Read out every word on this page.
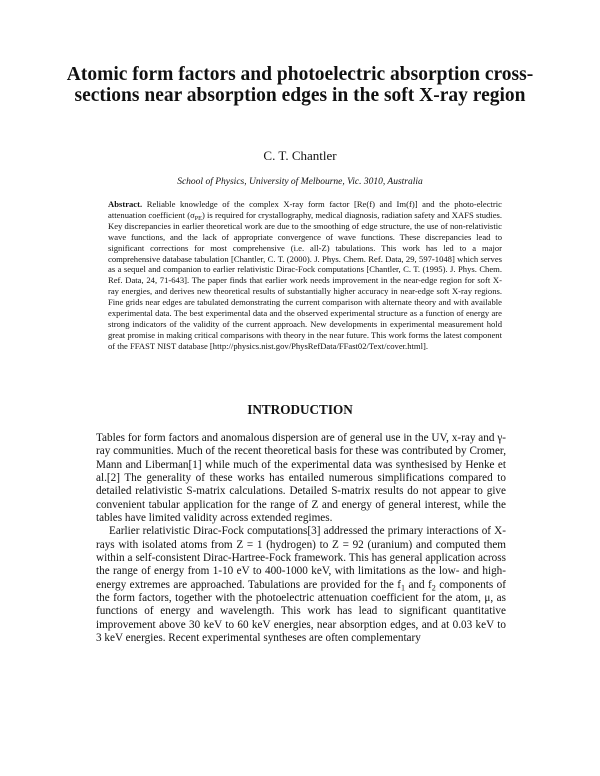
Atomic form factors and photoelectric absorption cross-sections near absorption edges in the soft X-ray region

C. T. Chantler

School of Physics, University of Melbourne, Vic. 3010, Australia

Abstract. Reliable knowledge of the complex X-ray form factor [Re(f) and Im(f)] and the photo-electric attenuation coefficient $(\sigma_{PE})$ is required for crystallography, medical diagnosis, radiation safety and XAFS studies. Key discrepancies in earlier theoretical work are due to the smoothing of edge structure, the use of non-relativistic wave functions, and the lack of appropriate convergence of wave functions. These discrepancies lead to significant corrections for most comprehensive (i.e. all-Z) tabulations. This work has led to a major comprehensive database tabulation [Chantler, C. T. (2000). J. Phys. Chem. Ref. Data, 29, 597-1048] which serves as a sequel and companion to earlier relativistic Dirac-Fock computations [Chantler, C. T. (1995). J. Phys. Chem. Ref. Data, 24, 71-643]. The paper finds that earlier work needs improvement in the near-edge region for soft X-ray energies, and derives new theoretical results of substantially higher accuracy in near-edge soft X-ray regions. Fine grids near edges are tabulated demonstrating the current comparison with alternate theory and with available experimental data. The best experimental data and the observed experimental structure as a function of energy are strong indicators of the validity of the current approach. New developments in experimental measurement hold great promise in making critical comparisons with theory in the near future. This work forms the latest component of the FFAST NIST database [http://physics.nist.gov/PhysRefData/FFast02/Text/cover.html].

INTRODUCTION

Tables for form factors and anomalous dispersion are of general use in the UV, x-ray and γ-ray communities. Much of the recent theoretical basis for these was contributed by Cromer, Mann and Liberman[1] while much of the experimental data was synthesised by Henke et al.[2] The generality of these works has entailed numerous simplifications compared to detailed relativistic S-matrix calculations. Detailed S-matrix results do not appear to give convenient tabular application for the range of Z and energy of general interest, while the tables have limited validity across extended regimes.

Earlier relativistic Dirac-Fock computations[3] addressed the primary interactions of X-rays with isolated atoms from Z = 1 (hydrogen) to Z = 92 (uranium) and computed them within a self-consistent Dirac-Hartree-Fock framework. This has general application across the range of energy from 1-10 eV to 400-1000 keV, with limitations as the low- and high-energy extremes are approached. Tabulations are provided for the $f_1$ and $f_2$ components of the form factors, together with the photoelectric attenuation coefficient for the atom, μ, as functions of energy and wavelength. This work has lead to significant quantitative improvement above 30 keV to 60 keV energies, near absorption edges, and at 0.03 keV to 3 keV energies. Recent experimental syntheses are often complementary
